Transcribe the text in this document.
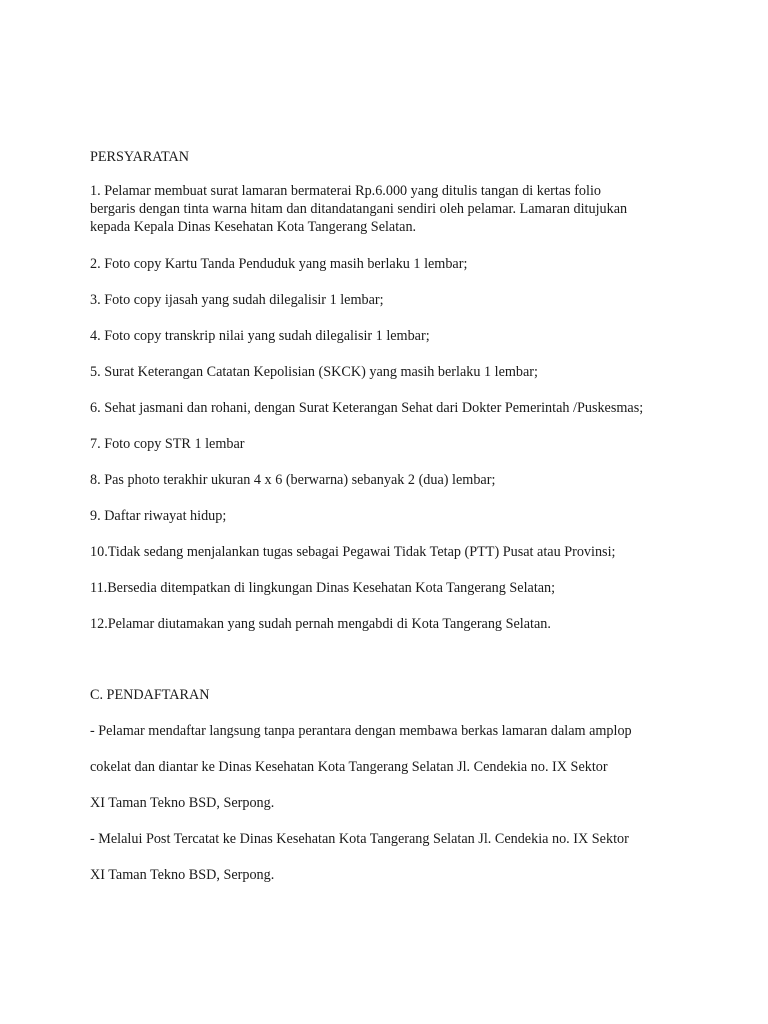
PERSYARATAN
1. Pelamar membuat surat lamaran bermaterai Rp.6.000 yang ditulis tangan di kertas folio
bergaris dengan tinta warna hitam dan ditandatangani sendiri oleh pelamar. Lamaran ditujukan
kepada Kepala Dinas Kesehatan Kota Tangerang Selatan.
2. Foto copy Kartu Tanda Penduduk yang masih berlaku 1 lembar;
3. Foto copy ijasah yang sudah dilegalisir 1 lembar;
4. Foto copy transkrip nilai yang sudah dilegalisir 1 lembar;
5. Surat Keterangan Catatan Kepolisian (SKCK) yang masih berlaku 1 lembar;
6. Sehat jasmani dan rohani, dengan Surat Keterangan Sehat dari Dokter Pemerintah /Puskesmas;
7. Foto copy STR 1 lembar
8. Pas photo terakhir ukuran 4 x 6 (berwarna) sebanyak 2 (dua) lembar;
9. Daftar riwayat hidup;
10.Tidak sedang menjalankan tugas sebagai Pegawai Tidak Tetap (PTT) Pusat atau Provinsi;
11.Bersedia ditempatkan di lingkungan Dinas Kesehatan Kota Tangerang Selatan;
12.Pelamar diutamakan yang sudah pernah mengabdi di Kota Tangerang Selatan.
C. PENDAFTARAN
- Pelamar mendaftar langsung tanpa perantara dengan membawa berkas lamaran dalam amplop
cokelat dan diantar ke Dinas Kesehatan Kota Tangerang Selatan Jl. Cendekia no. IX Sektor
XI Taman Tekno BSD, Serpong.
- Melalui Post Tercatat ke Dinas Kesehatan Kota Tangerang Selatan Jl. Cendekia no. IX Sektor
XI Taman Tekno BSD, Serpong.
